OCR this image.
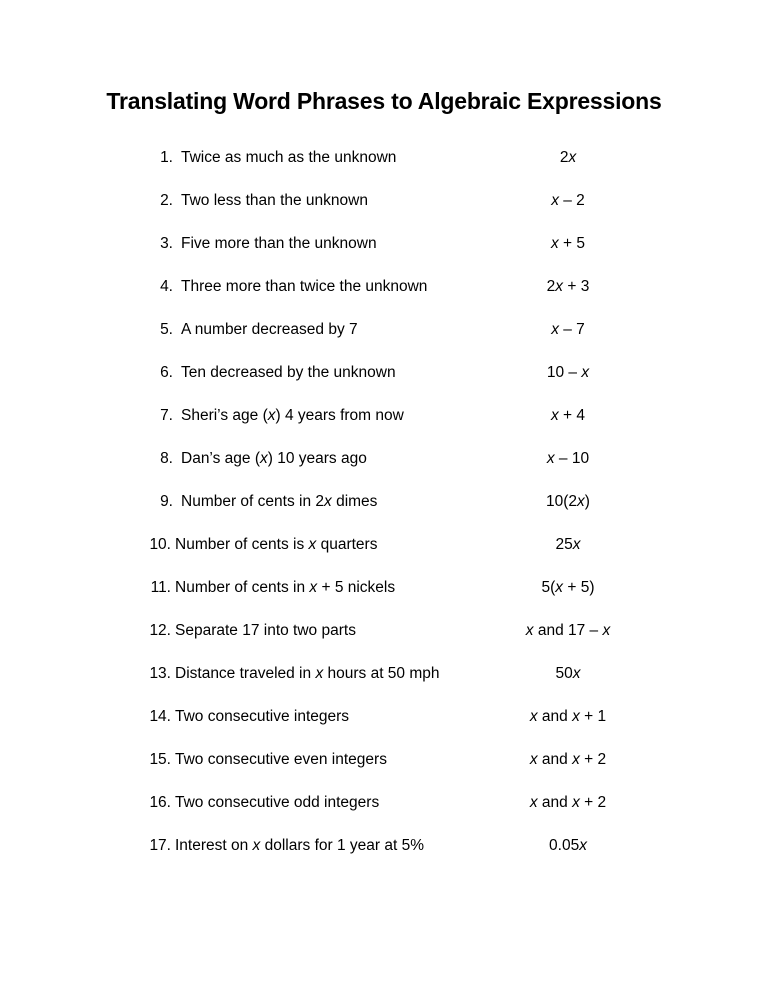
Translating Word Phrases to Algebraic Expressions
1. Twice as much as the unknown	2x
2. Two less than the unknown	x – 2
3. Five more than the unknown	x + 5
4. Three more than twice the unknown	2x + 3
5. A number decreased by 7	x – 7
6. Ten decreased by the unknown	10 – x
7. Sheri’s age (x) 4 years from now	x + 4
8. Dan’s age (x) 10 years ago	x – 10
9. Number of cents in 2x dimes	10(2x)
10. Number of cents is x quarters	25x
11. Number of cents in x + 5 nickels	5(x + 5)
12. Separate 17 into two parts	x and 17 – x
13. Distance traveled in x hours at 50 mph	50x
14. Two consecutive integers	x and x + 1
15. Two consecutive even integers	x and x + 2
16. Two consecutive odd integers	x and x + 2
17. Interest on x dollars for 1 year at 5%	0.05x
